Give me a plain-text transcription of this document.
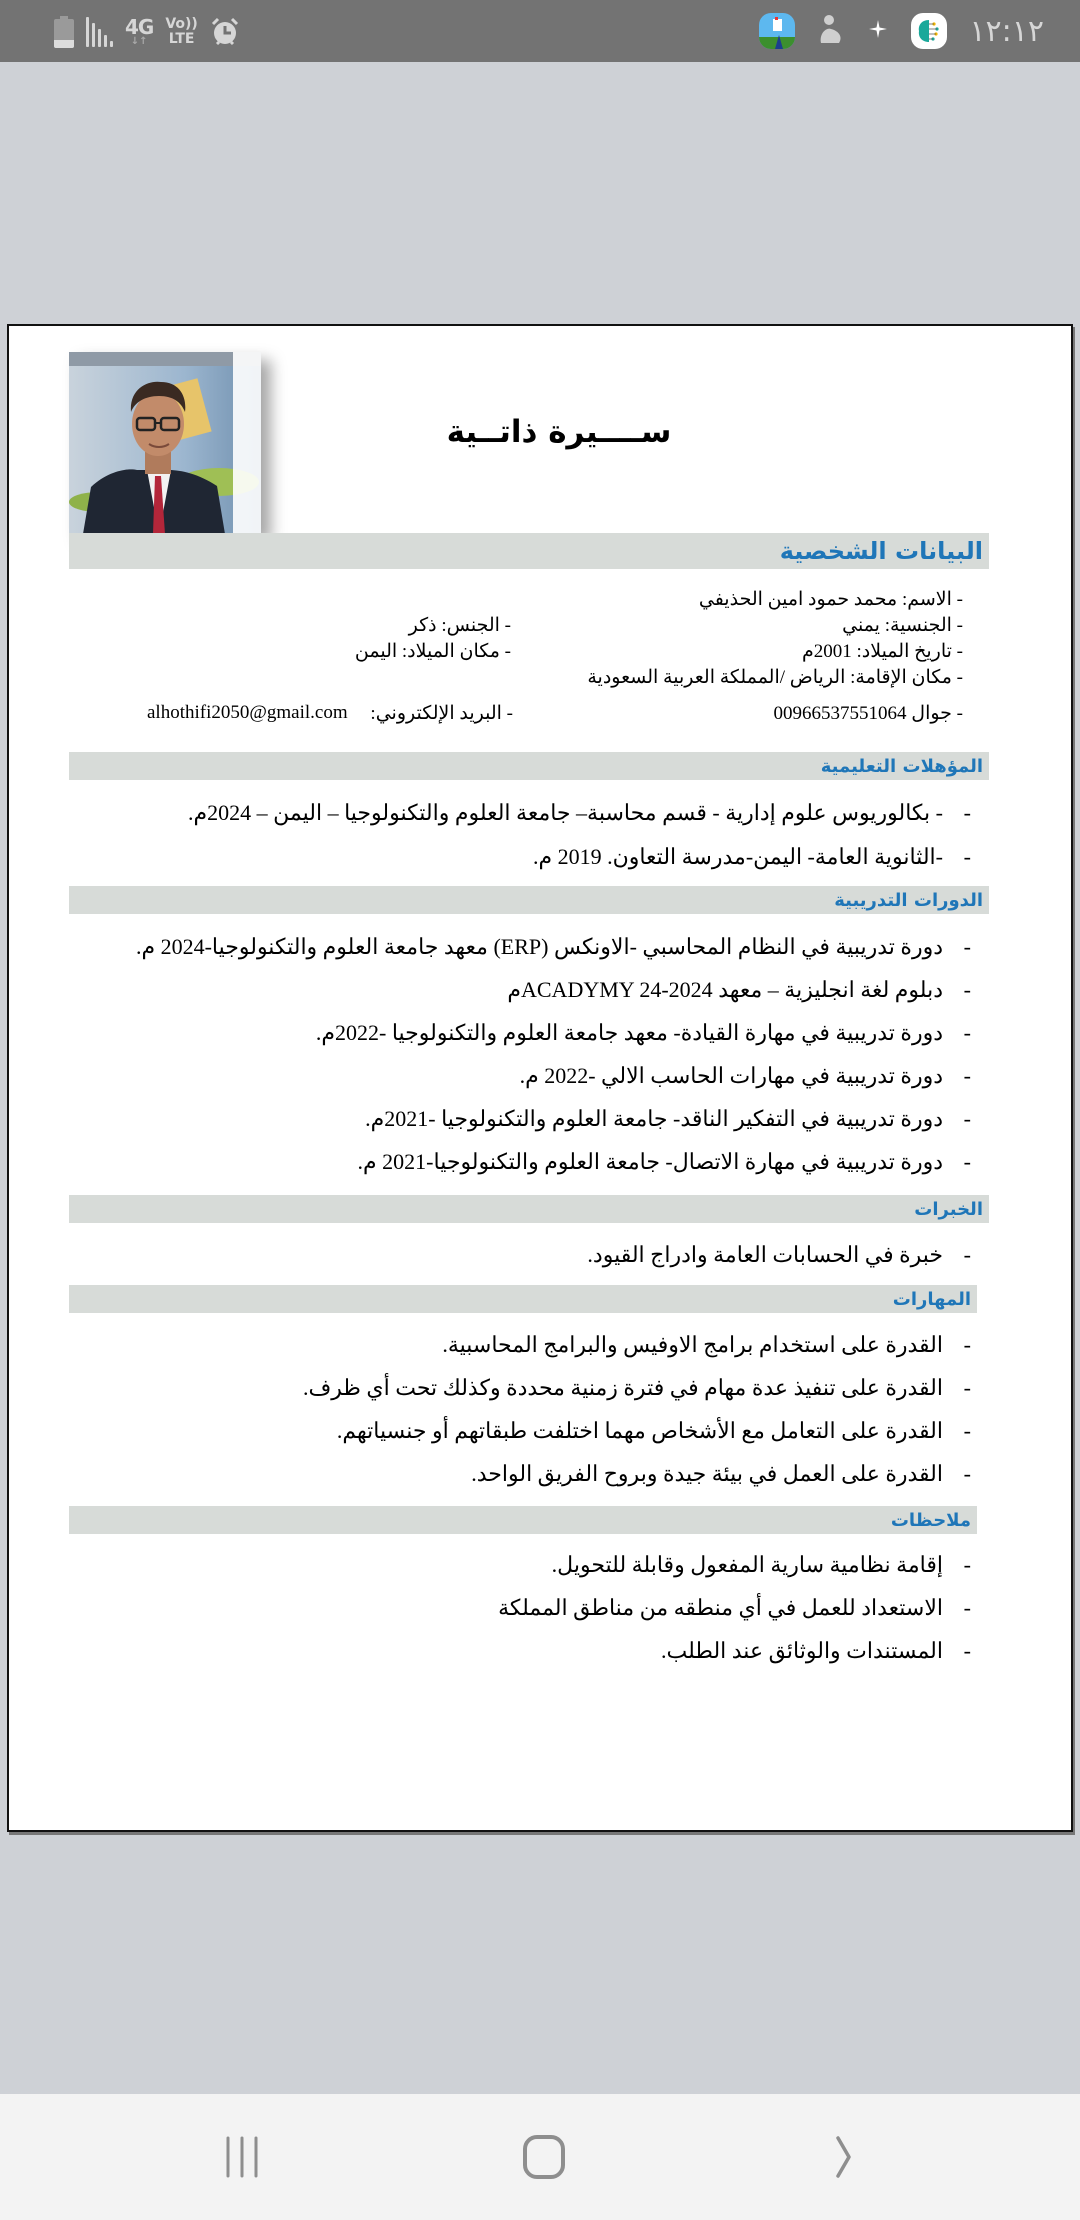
4G
↓↑
Vo))
LTE	١٢:١٢
ســــيرة ذاتــية
البيانات الشخصية
- الاسم: محمد حمود امين الحذيفي
- الجنسية: يمني
- الجنس: ذكر
- تاريخ الميلاد: 2001م
- مكان الميلاد: اليمن
- مكان الإقامة: الرياض /المملكة العربية السعودية
- جوال 00966537551064
- البريد الإلكتروني:
alhothifi2050@gmail.com
المؤهلات التعليمية
-
- بكالوريوس علوم إدارية - قسم محاسبة– جامعة العلوم والتكنولوجيا – اليمن – 2024م.
-
-الثانوية العامة- اليمن-مدرسة التعاون. 2019 م.
الدورات التدريبية
-
دورة تدريبية في النظام المحاسبي -الاونكس (ERP) معهد جامعة العلوم والتكنولوجيا-2024 م.
-
دبلوم لغة انجليزية – معهد ACADYMY 24-2024م
-
دورة تدريبية في مهارة القيادة- معهد جامعة العلوم والتكنولوجيا -2022م.
-
دورة تدريبية في مهارات الحاسب الالي -2022 م.
-
دورة تدريبية في التفكير الناقد- جامعة العلوم والتكنولوجيا -2021م.
-
دورة تدريبية في مهارة الاتصال- جامعة العلوم والتكنولوجيا-2021 م.
الخبرات
-
خبرة في الحسابات العامة وادراج القيود.
المهارات
-
القدرة على استخدام برامج الاوفيس والبرامج المحاسبية.
-
القدرة على تنفيذ عدة مهام في فترة زمنية محددة وكذلك تحت أي ظرف.
-
القدرة على التعامل مع الأشخاص مهما اختلفت طبقاتهم أو جنسياتهم.
-
القدرة على العمل في بيئة جيدة وبروح الفريق الواحد.
ملاحظات
-
إقامة نظامية سارية المفعول وقابلة للتحويل.
-
الاستعداد للعمل في أي منطقه من مناطق المملكة
-
المستندات والوثائق عند الطلب.
